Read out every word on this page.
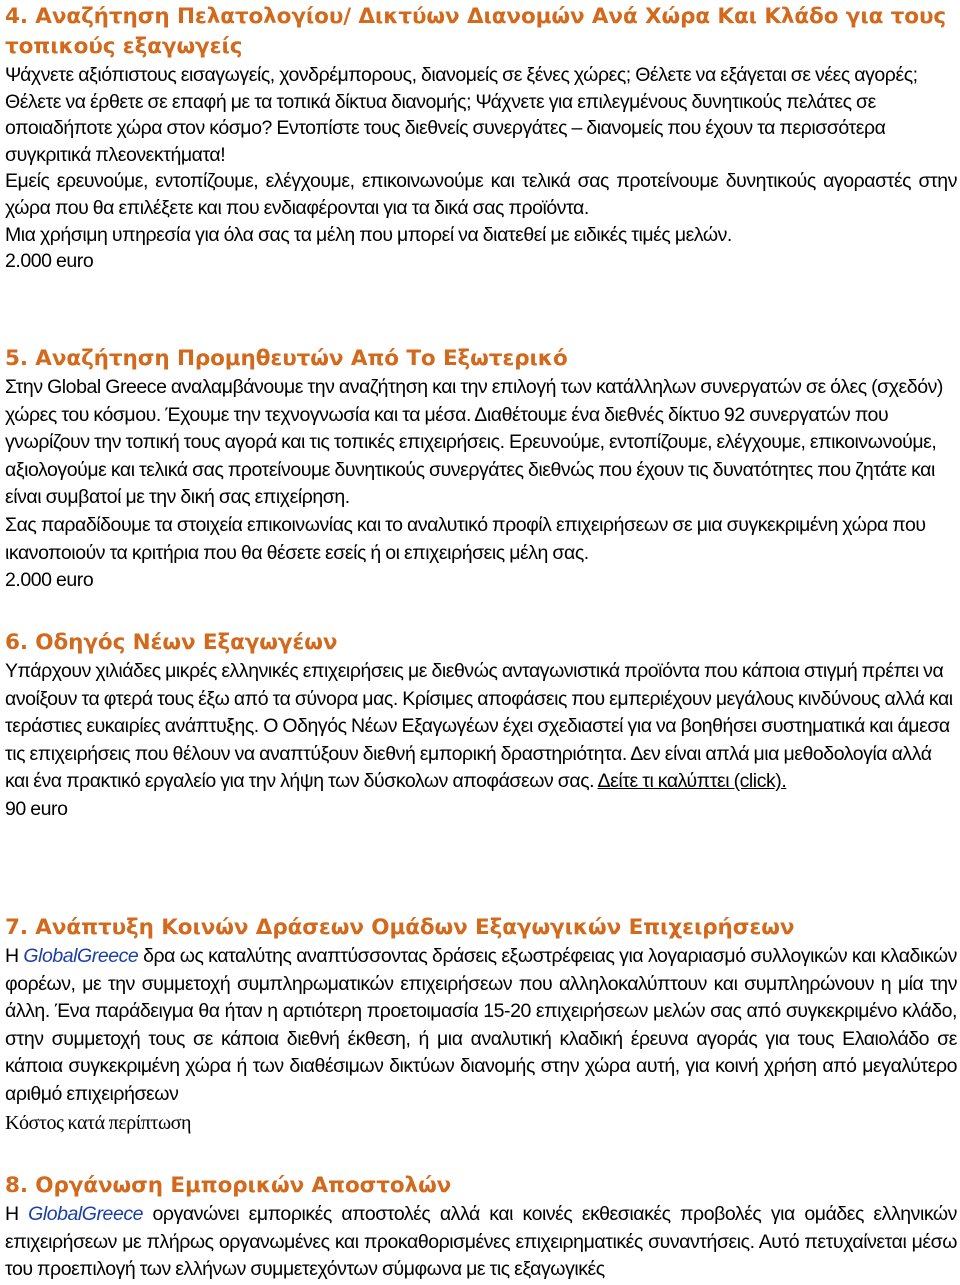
4. Αναζήτηση Πελατολογίου/ Δικτύων Διανομών Ανά Χώρα Και Κλάδο για τους τοπικούς εξαγωγείς

Ψάχνετε αξιόπιστους εισαγωγείς, χονδρέμπορους, διανομείς σε ξένες χώρες; Θέλετε να εξάγεται σε νέες αγορές; Θέλετε να έρθετε σε επαφή με τα τοπικά δίκτυα διανομής; Ψάχνετε για επιλεγμένους δυνητικούς πελάτες σε οποιαδήποτε χώρα στον κόσμο? Εντοπίστε τους διεθνείς συνεργάτες – διανομείς που έχουν τα περισσότερα συγκριτικά πλεονεκτήματα!

Εμείς ερευνούμε, εντοπίζουμε, ελέγχουμε, επικοινωνούμε και τελικά σας προτείνουμε δυνητικούς αγοραστές στην χώρα που θα επιλέξετε και που ενδιαφέρονται για τα δικά σας προϊόντα.

Μια χρήσιμη υπηρεσία για όλα σας τα μέλη που μπορεί να διατεθεί με ειδικές τιμές μελών.

2.000 euro

5. Αναζήτηση Προμηθευτών Από Το Εξωτερικό

Στην Global Greece αναλαμβάνουμε την αναζήτηση και την επιλογή των κατάλληλων συνεργατών σε όλες (σχεδόν) χώρες του κόσμου. Έχουμε την τεχνογνωσία και τα μέσα. Διαθέτουμε ένα διεθνές δίκτυο 92 συνεργατών που γνωρίζουν την τοπική τους αγορά και τις τοπικές επιχειρήσεις. Ερευνούμε, εντοπίζουμε, ελέγχουμε, επικοινωνούμε, αξιολογούμε και τελικά σας προτείνουμε δυνητικούς συνεργάτες διεθνώς που έχουν τις δυνατότητες που ζητάτε και είναι συμβατοί με την δική σας επιχείρηση.

Σας παραδίδουμε τα στοιχεία επικοινωνίας και το αναλυτικό προφίλ επιχειρήσεων σε μια συγκεκριμένη χώρα που ικανοποιούν τα κριτήρια που θα θέσετε εσείς ή οι επιχειρήσεις μέλη σας.

2.000 euro

6. Οδηγός Νέων Εξαγωγέων

Υπάρχουν χιλιάδες μικρές ελληνικές επιχειρήσεις με διεθνώς ανταγωνιστικά προϊόντα που κάποια στιγμή πρέπει να ανοίξουν τα φτερά τους έξω από τα σύνορα μας. Κρίσιμες αποφάσεις που εμπεριέχουν μεγάλους κινδύνους αλλά και τεράστιες ευκαιρίες ανάπτυξης. Ο Οδηγός Νέων Εξαγωγέων έχει σχεδιαστεί για να βοηθήσει συστηματικά και άμεσα τις επιχειρήσεις που θέλουν να αναπτύξουν διεθνή εμπορική δραστηριότητα. Δεν είναι απλά μια μεθοδολογία αλλά και ένα πρακτικό εργαλείο για την λήψη των δύσκολων αποφάσεων σας. Δείτε τι καλύπτει (click).

90 euro

7. Ανάπτυξη Κοινών Δράσεων Ομάδων Εξαγωγικών Επιχειρήσεων

Η GlobalGreece δρα ως καταλύτης αναπτύσσοντας δράσεις εξωστρέφειας για λογαριασμό συλλογικών και κλαδικών φορέων, με την συμμετοχή συμπληρωματικών επιχειρήσεων που αλληλοκαλύπτουν και συμπληρώνουν η μία την άλλη. Ένα παράδειγμα θα ήταν η αρτιότερη προετοιμασία 15-20 επιχειρήσεων μελών σας από συγκεκριμένο κλάδο, στην συμμετοχή τους σε κάποια διεθνή έκθεση, ή μια αναλυτική κλαδική έρευνα αγοράς για τους Ελαιολάδο σε κάποια συγκεκριμένη χώρα ή των διαθέσιμων δικτύων διανομής στην χώρα αυτή, για κοινή χρήση από μεγαλύτερο αριθμό επιχειρήσεων

Κόστος κατά περίπτωση

8. Οργάνωση Εμπορικών Αποστολών

Η GlobalGreece οργανώνει εμπορικές αποστολές αλλά και κοινές εκθεσιακές προβολές για ομάδες ελληνικών επιχειρήσεων με πλήρως οργανωμένες και προκαθορισμένες επιχειρηματικές συναντήσεις. Αυτό πετυχαίνεται μέσω του προεπιλογή των ελλήνων συμμετεχόντων σύμφωνα με τις εξαγωγικές
